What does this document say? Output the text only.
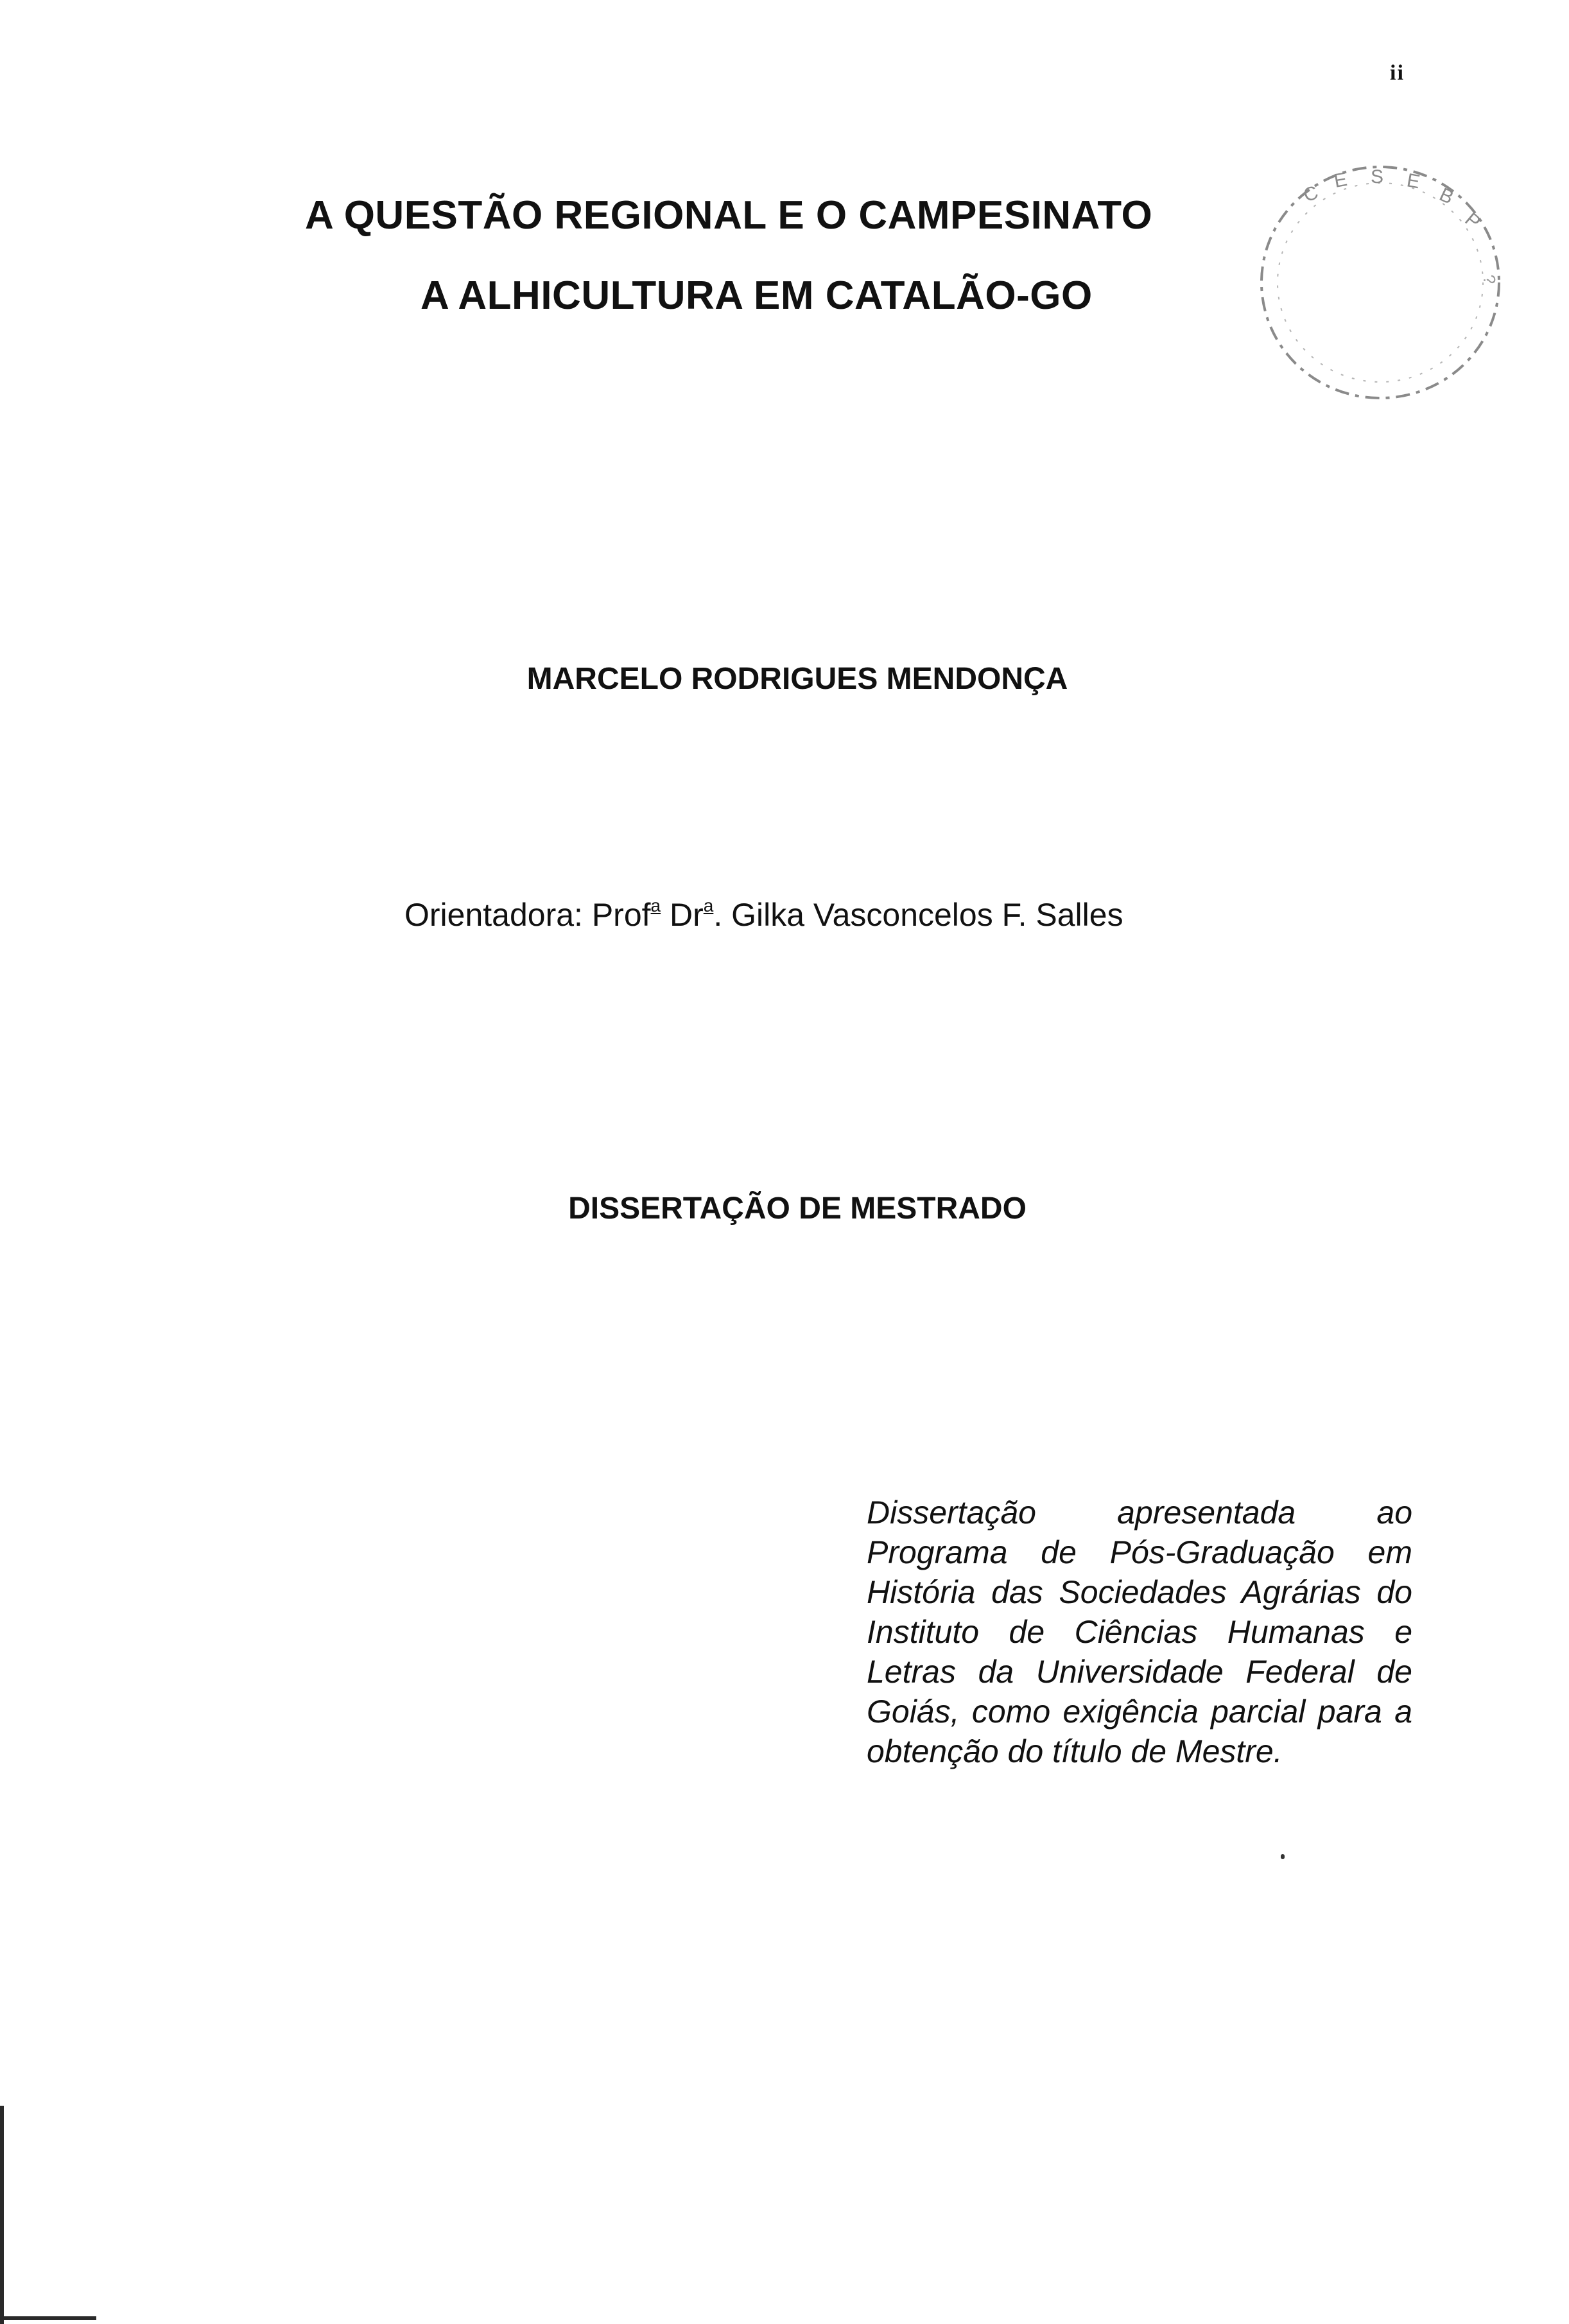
ii
A QUESTÃO REGIONAL E O CAMPESINATO
A ALHICULTURA EM CATALÃO-GO
C
E S E
B
P
?
MARCELO RODRIGUES MENDONÇA
Orientadora: Prof$^a$ Dr$^a$. Gilka Vasconcelos F. Salles
DISSERTAÇÃO DE MESTRADO

Dissertação apresentada ao Programa de Pós-Graduação em História das Sociedades Agrárias do Instituto de Ciências Humanas e Letras da Universidade Federal de Goiás, como exigência parcial para a obtenção do título de Mestre.
